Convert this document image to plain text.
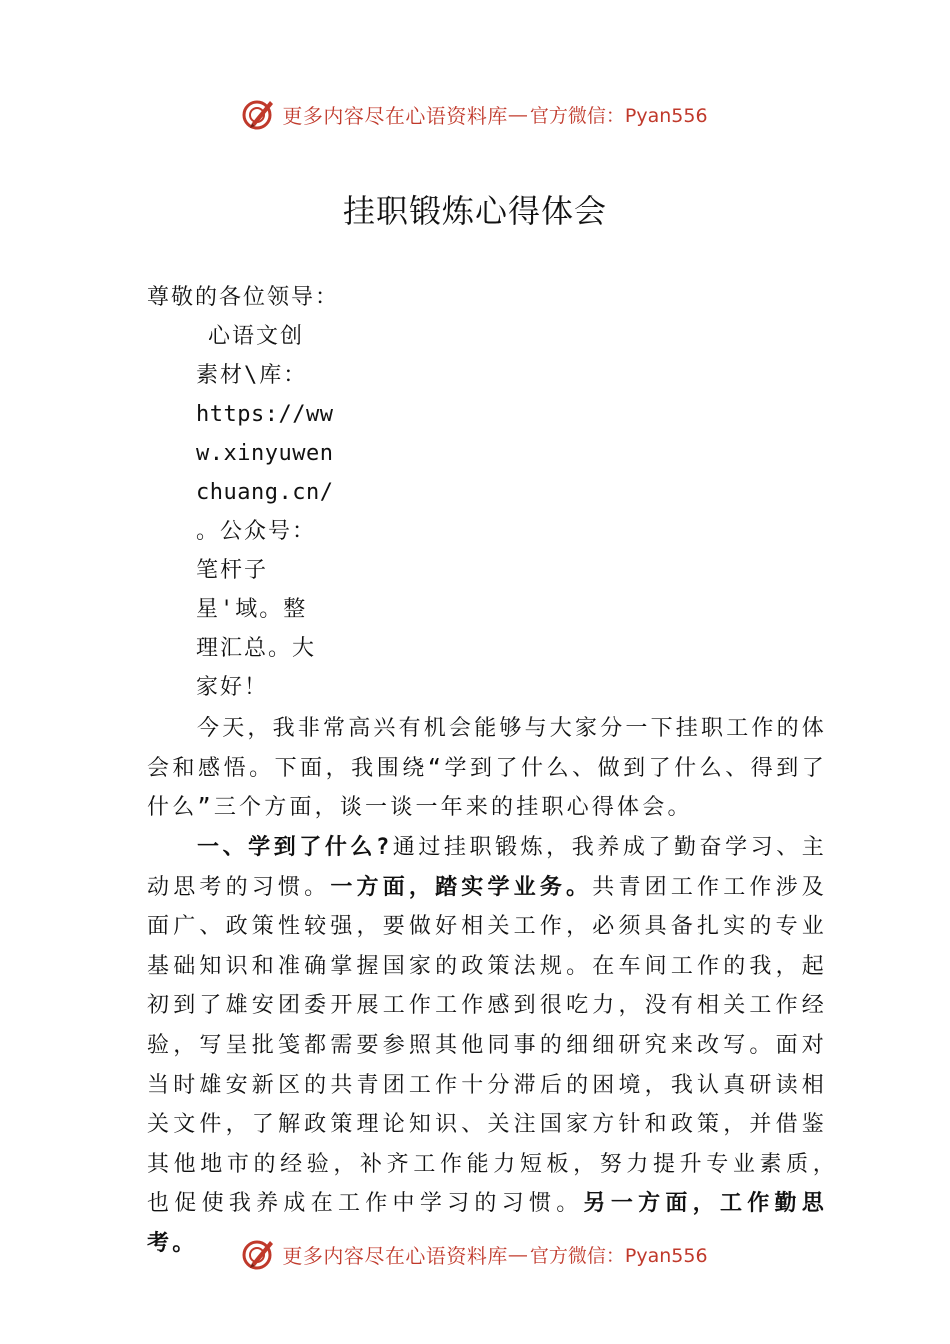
更多内容尽在心语资料库 — 官方微信：Pyan556
挂职锻炼心得体会
尊敬的各位领导：
心语文创
素材\库：
https://ww
w.xinyuwen
chuang.cn/
。公众号：
笔杆子
星'域。整
理汇总。大
家好！
今天，我非常高兴有机会能够与大家分一下挂职工作的体会和感悟。下面，我围绕“学到了什么、做到了什么、得到了什么”三个方面，谈一谈一年来的挂职心得体会。
一、学到了什么?通过挂职锻炼，我养成了勤奋学习、主动思考的习惯。一方面，踏实学业务。共青团工作工作涉及面广、政策性较强，要做好相关工作，必须具备扎实的专业基础知识和准确掌握国家的政策法规。在车间工作的我，起初到了雄安团委开展工作工作感到很吃力，没有相关工作经验，写呈批笺都需要参照其他同事的细细研究来改写。面对当时雄安新区的共青团工作十分滞后的困境，我认真研读相关文件，了解政策理论知识、关注国家方针和政策，并借鉴其他地市的经验，补齐工作能力短板，努力提升专业素质，　也促使我养成在工作中学习的习惯。另一方面，工作勤思考。	更多内容尽在心语资料库 — 官方微信：Pyan556
